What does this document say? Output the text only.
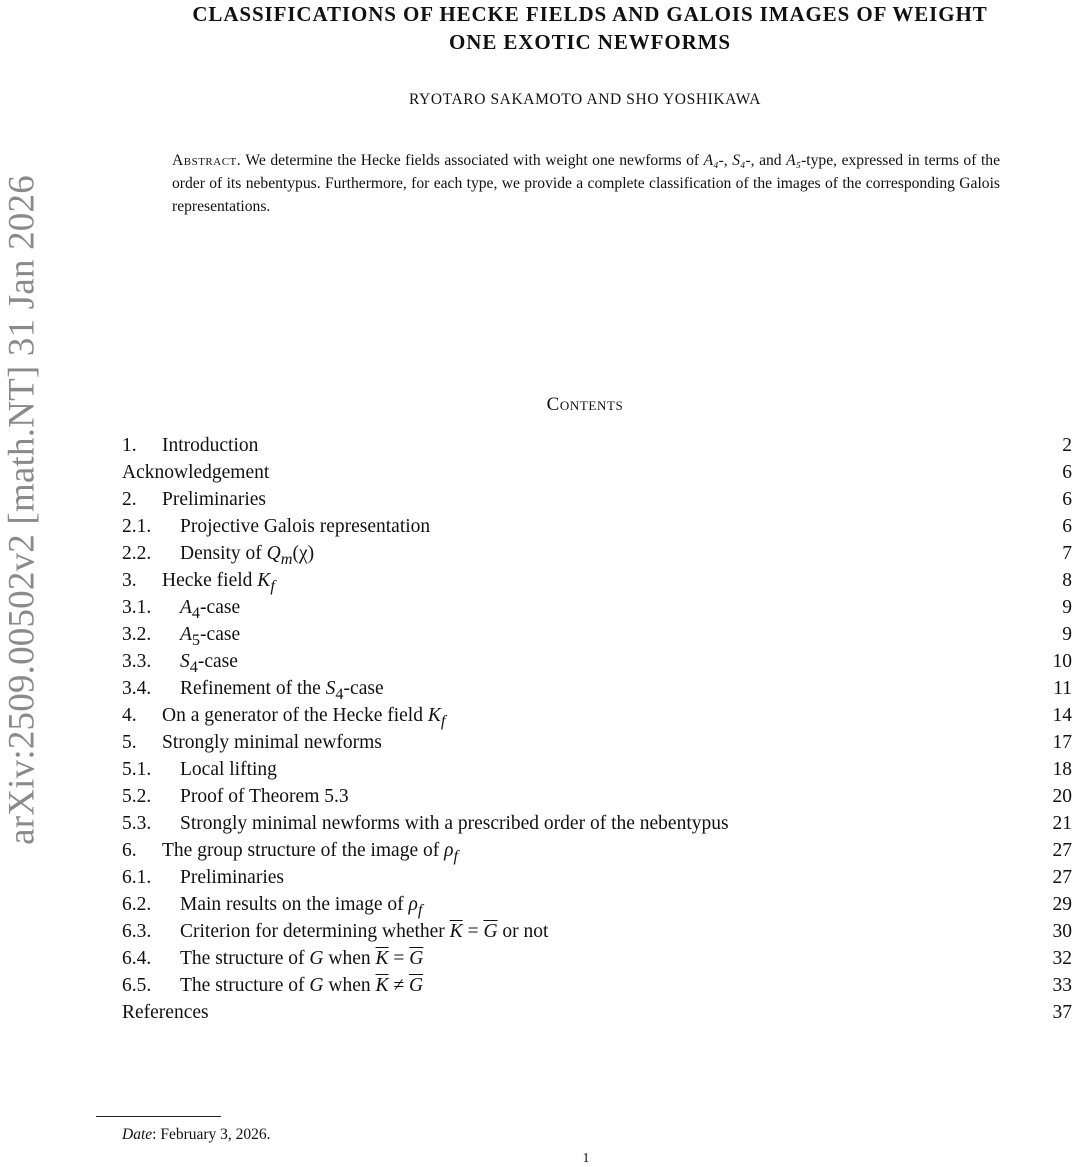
arXiv:2509.00502v2 [math.NT] 31 Jan 2026
CLASSIFICATIONS OF HECKE FIELDS AND GALOIS IMAGES OF WEIGHT
ONE EXOTIC NEWFORMS
RYOTARO SAKAMOTO AND SHO YOSHIKAWA
Abstract. We determine the Hecke fields associated with weight one newforms of A₄-, S₄-, and A₅-type, expressed in terms of the order of its nebentypus. Furthermore, for each type, we provide a complete classification of the images of the corresponding Galois representations.
Contents
1.	Introduction	2
Acknowledgement	6
2.	Preliminaries	6
2.1.	Projective Galois representation	6
2.2.	Density of $Q_m(\chi)$	7
3.	Hecke field $K_f$	8
3.1.	$A_4$-case	9
3.2.	$A_5$-case	9
3.3.	$S_4$-case	10
3.4.	Refinement of the $S_4$-case	11
4.	On a generator of the Hecke field $K_f$	14
5.	Strongly minimal newforms	17
5.1.	Local lifting	18
5.2.	Proof of Theorem 5.3	20
5.3.	Strongly minimal newforms with a prescribed order of the nebentypus	21
6.	The group structure of the image of $\rho_f$	27
6.1.	Preliminaries	27
6.2.	Main results on the image of $\rho_f$	29
6.3.	Criterion for determining whether $\overline{K} = \overline{G}$ or not	30
6.4.	The structure of G when $\overline{K} = \overline{G}$	32
6.5.	The structure of G when $\overline{K} \ne \overline{G}$	33
References	37
Date: February 3, 2026.
1
